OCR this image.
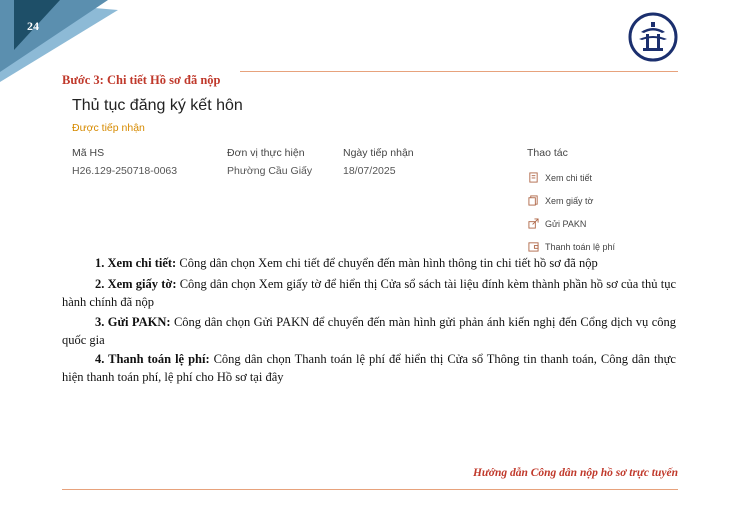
24
Bước 3: Chi tiết Hồ sơ đã nộp
Thủ tục đăng ký kết hôn
Được tiếp nhận
Mã HS
H26.129-250718-0063
Đơn vị thực hiện
Phường Cầu Giấy
Ngày tiếp nhận
18/07/2025
Thao tác
Xem chi tiết
Xem giấy tờ
Gửi PAKN
Thanh toán lệ phí
1. Xem chi tiết: Công dân chọn Xem chi tiết để chuyển đến màn hình thông tin chi tiết hồ sơ đã nộp
2. Xem giấy tờ: Công dân chọn Xem giấy tờ để hiển thị Cửa sổ sách tài liệu đính kèm thành phần hồ sơ của thủ tục hành chính đã nộp
3. Gửi PAKN: Công dân chọn Gửi PAKN để chuyển đến màn hình gửi phản ánh kiến nghị đến Cổng dịch vụ công quốc gia
4. Thanh toán lệ phí: Công dân chọn Thanh toán lệ phí để hiển thị Cửa sổ Thông tin thanh toán, Công dân thực hiện thanh toán phí, lệ phí cho Hồ sơ tại đây
Hướng dẫn Công dân nộp hồ sơ trực tuyến
